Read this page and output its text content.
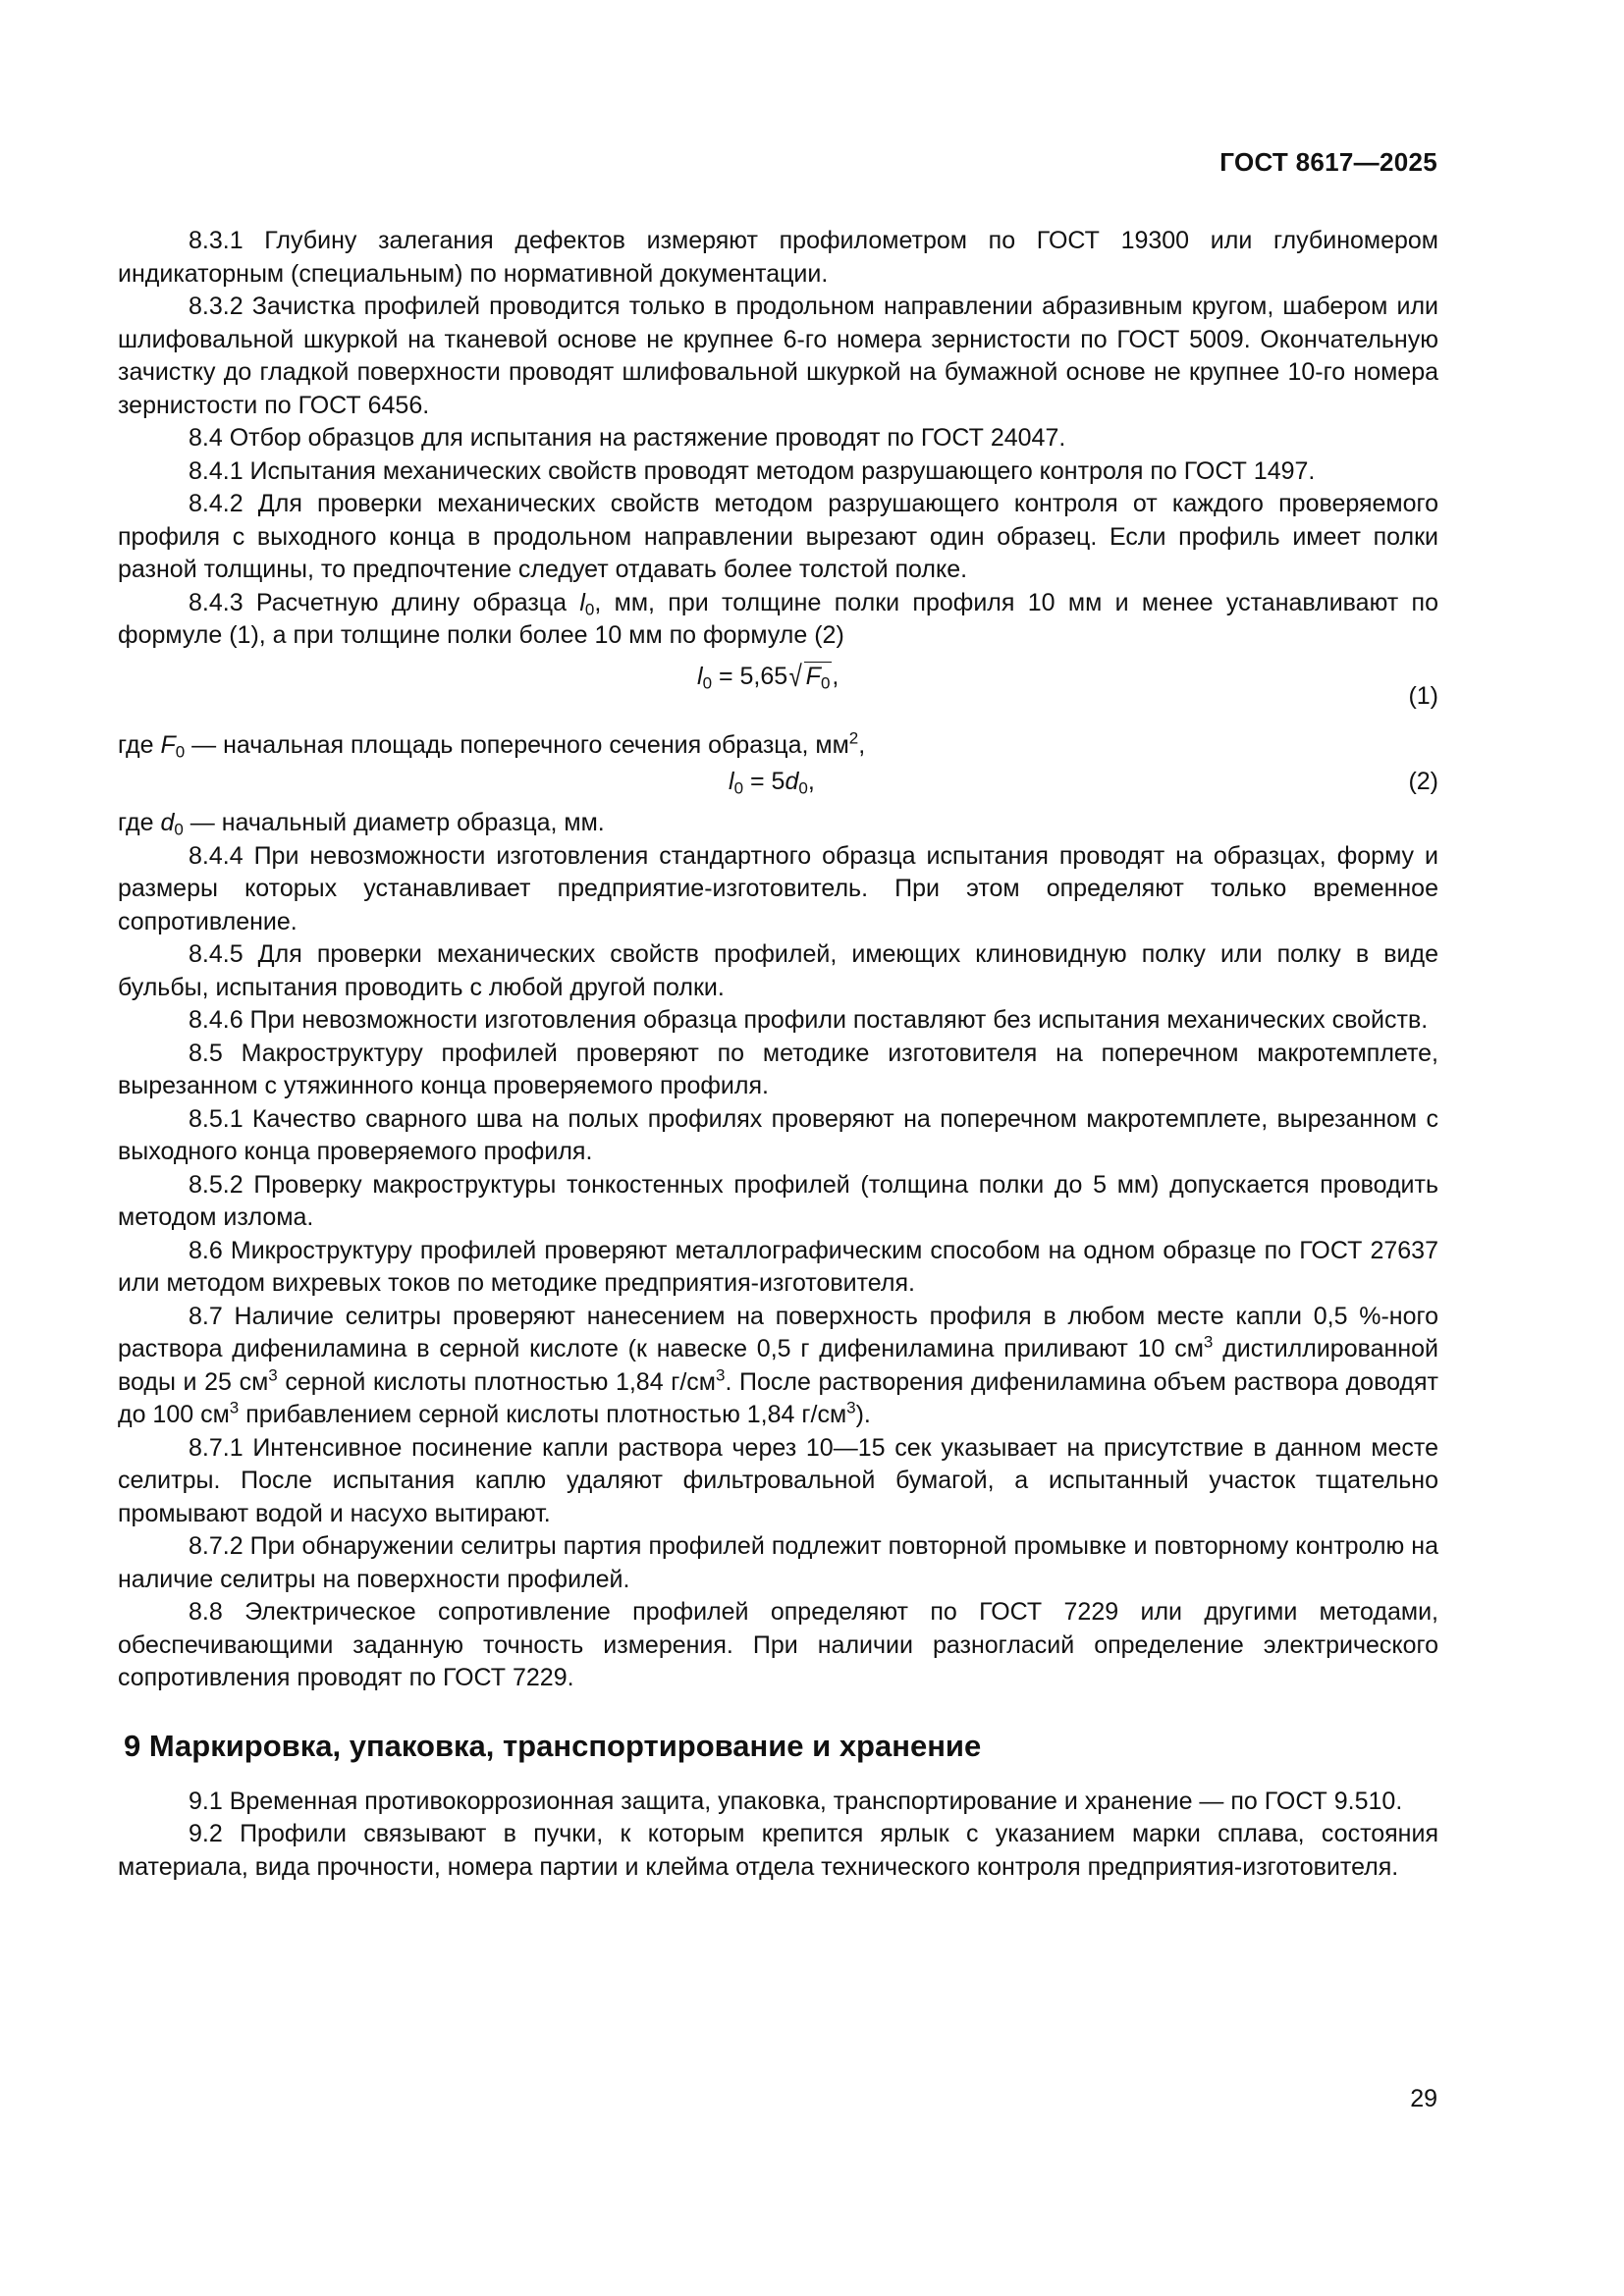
ГОСТ 8617—2025

8.3.1 Глубину залегания дефектов измеряют профилометром по ГОСТ 19300 или глубиномером индикаторным (специальным) по нормативной документации.

8.3.2 Зачистка профилей проводится только в продольном направлении абразивным кругом, шабером или шлифовальной шкуркой на тканевой основе не крупнее 6-го номера зернистости по ГОСТ 5009. Окончательную зачистку до гладкой поверхности проводят шлифовальной шкуркой на бумажной основе не крупнее 10-го номера зернистости по ГОСТ 6456.

8.4 Отбор образцов для испытания на растяжение проводят по ГОСТ 24047.

8.4.1 Испытания механических свойств проводят методом разрушающего контроля по ГОСТ 1497.

8.4.2 Для проверки механических свойств методом разрушающего контроля от каждого проверяемого профиля с выходного конца в продольном направлении вырезают один образец. Если профиль имеет полки разной толщины, то предпочтение следует отдавать более толстой полке.

8.4.3 Расчетную длину образца $l_0$, мм, при толщине полки профиля 10 мм и менее устанавливают по формуле (1), а при толщине полки более 10 мм по формуле (2)

$l_0 = 5,65√$ $F_0$,
(1)

где $F_0$ — начальная площадь поперечного сечения образца, $мм^2$,

$l_0 = 5d_0$,	(2)

где $d_0$ — начальный диаметр образца, мм.

8.4.4 При невозможности изготовления стандартного образца испытания проводят на образцах, форму и размеры которых устанавливает предприятие-изготовитель. При этом определяют только временное сопротивление.

8.4.5 Для проверки механических свойств профилей, имеющих клиновидную полку или полку в виде бульбы, испытания проводить с любой другой полки.

8.4.6 При невозможности изготовления образца профили поставляют без испытания механических свойств.

8.5 Макроструктуру профилей проверяют по методике изготовителя на поперечном макротемплете, вырезанном с утяжинного конца проверяемого профиля.

8.5.1 Качество сварного шва на полых профилях проверяют на поперечном макротемплете, вырезанном с выходного конца проверяемого профиля.

8.5.2 Проверку макроструктуры тонкостенных профилей (толщина полки до 5 мм) допускается проводить методом излома.

8.6 Микроструктуру профилей проверяют металлографическим способом на одном образце по ГОСТ 27637 или методом вихревых токов по методике предприятия-изготовителя.

8.7 Наличие селитры проверяют нанесением на поверхность профиля в любом месте капли 0,5 %-ного раствора дифениламина в серной кислоте (к навеске 0,5 г дифениламина приливают 10 $см^3$ дистиллированной воды и 25 $см^3$ серной кислоты плотностью 1,84 $г/см^3$. После растворения дифениламина объем раствора доводят до 100 $см^3$ прибавлением серной кислоты плотностью 1,84 $г/см^3$).

8.7.1 Интенсивное посинение капли раствора через 10—15 сек указывает на присутствие в данном месте селитры. После испытания каплю удаляют фильтровальной бумагой, а испытанный участок тщательно промывают водой и насухо вытирают.

8.7.2 При обнаружении селитры партия профилей подлежит повторной промывке и повторному контролю на наличие селитры на поверхности профилей.

8.8 Электрическое сопротивление профилей определяют по ГОСТ 7229 или другими методами, обеспечивающими заданную точность измерения. При наличии разногласий определение электрического сопротивления проводят по ГОСТ 7229.

9 Маркировка, упаковка, транспортирование и хранение

9.1 Временная противокоррозионная защита, упаковка, транспортирование и хранение — по ГОСТ 9.510.

9.2 Профили связывают в пучки, к которым крепится ярлык с указанием марки сплава, состояния материала, вида прочности, номера партии и клейма отдела технического контроля предприятия-изготовителя.

29
